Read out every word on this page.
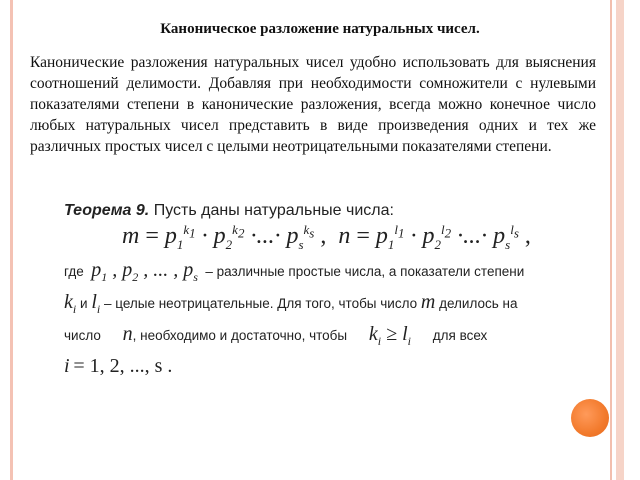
Каноническое разложение натуральных чисел.
Канонические разложения натуральных чисел удобно использовать для выяснения соотношений делимости. Добавляя при необходимости сомножители с нулевыми показателями степени в канонические разложения, всегда можно конечное число любых натуральных чисел представить в виде произведения одних и тех же различных простых чисел с целыми неотрицательными показателями степени.
Теорема 9. Пусть даны натуральные числа:
$m = p_1^{k_1} \cdot p_2^{k_2}$ ·...· $p_s^{k_s}$ ,  $n = p_1^{l_1} \cdot p_2^{l_2}$ ·...· $p_s^{l_s}$ ,
где $p_1$ , $p_2$ , ... , $p_s$ – различные простые числа, а показатели степени
$k_i$ и $l_i$ – целые неотрицательные. Для того, чтобы число m делилось на
число n, необходимо и достаточно, чтобы $k_i \ge l_i$ для всех
i = 1, 2, ..., s .
